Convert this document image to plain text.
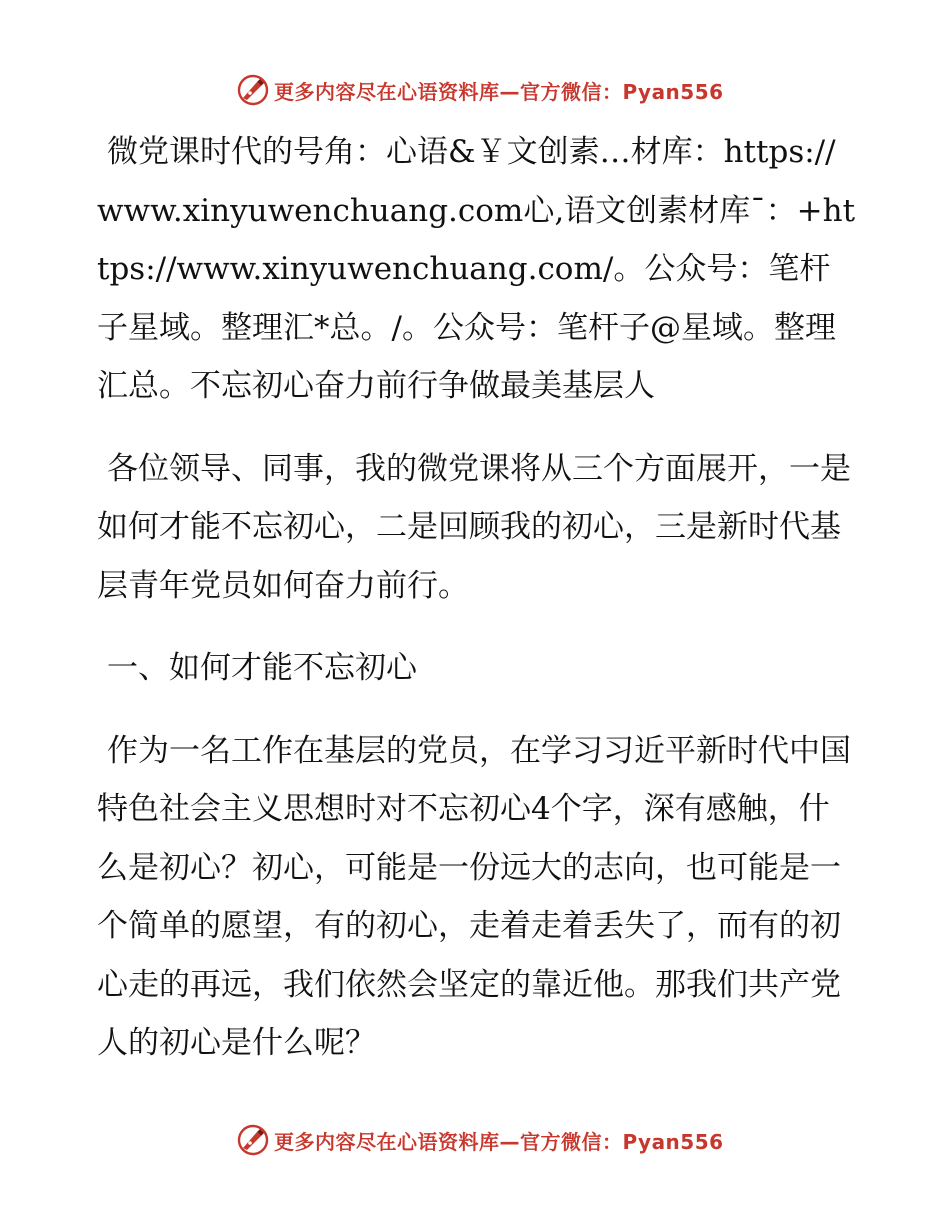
更多内容尽在心语资料库—官方微信：Pyan556

微党课时代的号角：心语&￥文创素…材库：https://www.xinyuwenchuang.com心,语文创素材库ˉ：+https://www.xinyuwenchuang.com/。公众号：笔杆子星域。整理汇*总。/。公众号：笔杆子@星域。整理汇总。不忘初心奋力前行争做最美基层人

各位领导、同事，我的微党课将从三个方面展开，一是如何才能不忘初心，二是回顾我的初心，三是新时代基层青年党员如何奋力前行。

一、如何才能不忘初心

作为一名工作在基层的党员，在学习习近平新时代中国特色社会主义思想时对不忘初心4个字，深有感触，什么是初心？初心，可能是一份远大的志向，也可能是一个简单的愿望，有的初心，走着走着丢失了，而有的初心走的再远，我们依然会坚定的靠近他。那我们共产党人的初心是什么呢？

更多内容尽在心语资料库—官方微信：Pyan556
